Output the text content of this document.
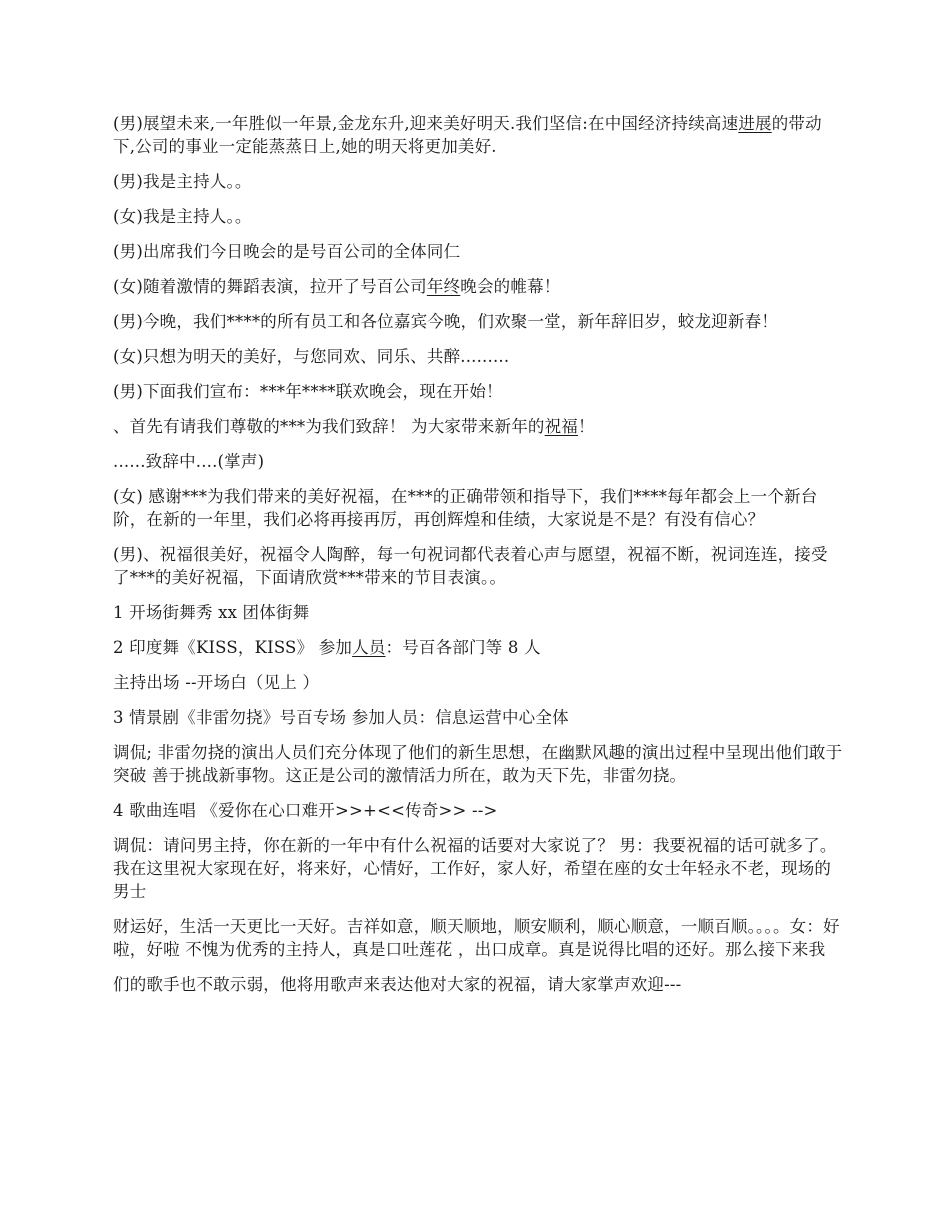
(男)展望未来,一年胜似一年景,金龙东升,迎来美好明天.我们坚信:在中国经济持续高速进展的带动下,公司的事业一定能蒸蒸日上,她的明天将更加美好.

(男)我是主持人。。

(女)我是主持人。。

(男)出席我们今日晚会的是号百公司的全体同仁

(女)随着激情的舞蹈表演，拉开了号百公司年终晚会的帷幕！

(男)今晚，我们****的所有员工和各位嘉宾今晚，们欢聚一堂，新年辞旧岁，蛟龙迎新春！

(女)只想为明天的美好，与您同欢、同乐、共醉.........

(男)下面我们宣布：***年****联欢晚会，现在开始！

、首先有请我们尊敬的***为我们致辞！ 为大家带来新年的祝福！

......致辞中....(掌声)

(女) 感谢***为我们带来的美好祝福，在***的正确带领和指导下，我们****每年都会上一个新台阶，在新的一年里，我们必将再接再厉，再创辉煌和佳绩，大家说是不是？有没有信心？

(男)、祝福很美好，祝福令人陶醉，每一句祝词都代表着心声与愿望，祝福不断，祝词连连，接受了***的美好祝福，下面请欣赏***带来的节目表演。。

1 开场街舞秀 xx 团体街舞

2 印度舞《KISS，KISS》 参加人员：号百各部门等 8 人

主持出场 --开场白（见上 ）

3 情景剧《非雷勿挠》号百专场 参加人员：信息运营中心全体

调侃; 非雷勿挠的演出人员们充分体现了他们的新生思想，在幽默风趣的演出过程中呈现出他们敢于突破 善于挑战新事物。这正是公司的激情活力所在，敢为天下先，非雷勿挠。

4 歌曲连唱 《爱你在心口难开>>+<<传奇>> -->

调侃：请问男主持，你在新的一年中有什么祝福的话要对大家说了？ 男：我要祝福的话可就多了。我在这里祝大家现在好，将来好，心情好，工作好，家人好，希望在座的女士年轻永不老，现场的男士

财运好，生活一天更比一天好。吉祥如意，顺天顺地，顺安顺利，顺心顺意，一顺百顺。。。。女：好啦，好啦 不愧为优秀的主持人，真是口吐莲花 ，出口成章。真是说得比唱的还好。那么接下来我

们的歌手也不敢示弱，他将用歌声来表达他对大家的祝福，请大家掌声欢迎---
